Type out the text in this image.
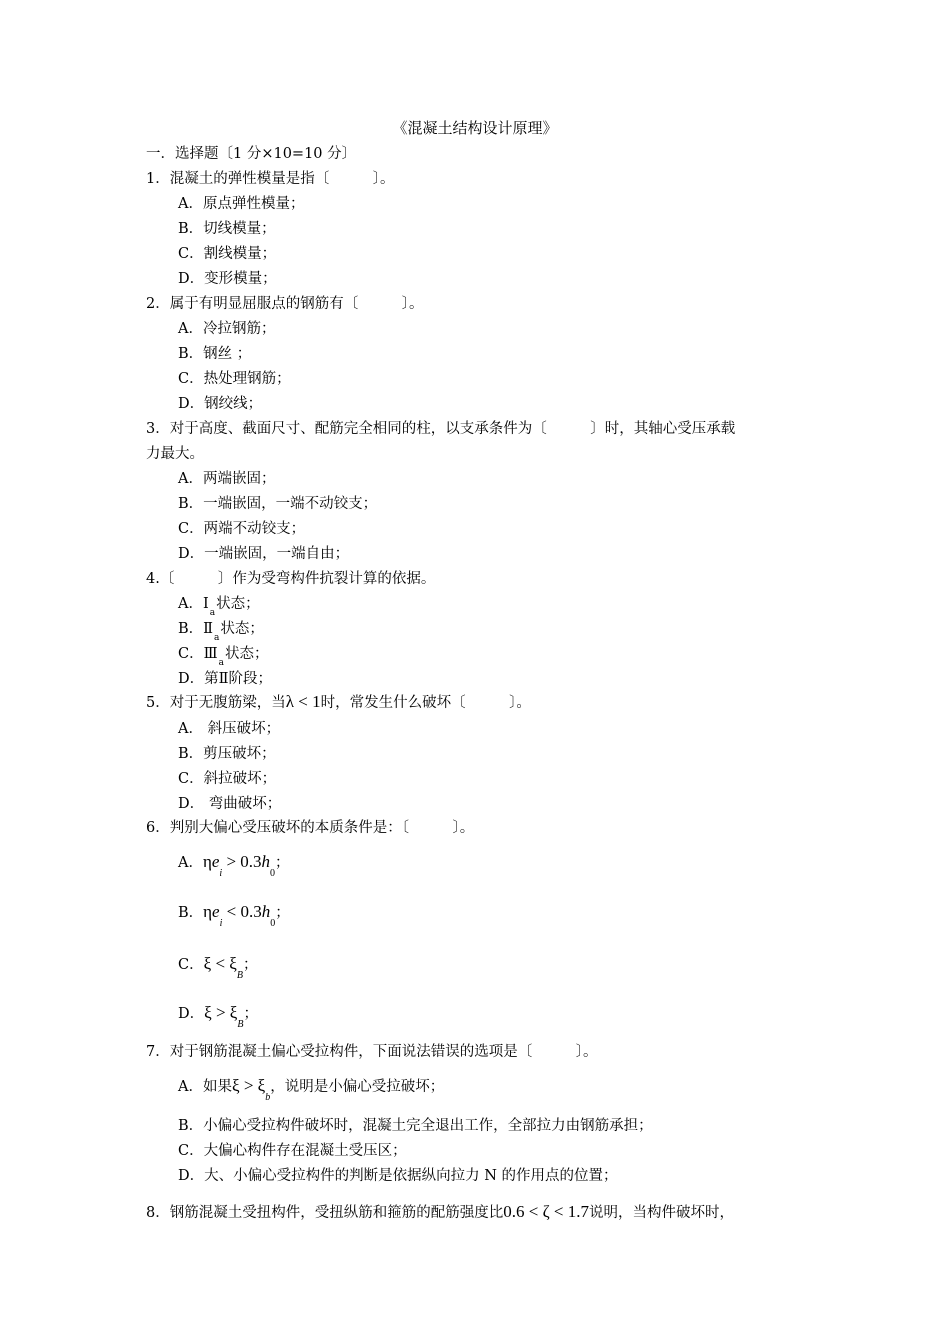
《混凝土结构设计原理》
一．选择题〔1 分×10=10 分〕
1．混凝土的弹性模量是指〔　　　〕。
A．原点弹性模量；
B．切线模量；
C．割线模量；
D．变形模量；
2．属于有明显屈服点的钢筋有〔　　　〕。
A．冷拉钢筋；
B．钢丝 ；
C．热处理钢筋；
D．钢绞线；
3．对于高度、截面尺寸、配筋完全相同的柱，以支承条件为〔　　　〕时，其轴心受压承载
力最大。
A．两端嵌固；
B．一端嵌固，一端不动铰支；
C．两端不动铰支；
D．一端嵌固，一端自由；
4.〔　　　〕作为受弯构件抗裂计算的依据。
A．$Ⅰ_a$状态；
B．$Ⅱ_a$状态；
C．$Ⅲ_a$状态；
D．第Ⅱ阶段；
5．对于无腹筋梁，当λ < 1时，常发生什么破坏〔　　　〕。
A． 斜压破坏；
B．剪压破坏；
C．斜拉破坏；
D． 弯曲破坏；
6．判别大偏心受压破坏的本质条件是：〔　　　〕。
A．$\eta e_i > 0.3h_0$；
B．$\eta e_i < 0.3h_0$；
C．$\xi < \xi_B$；
D．$\xi > \xi_B$；
7．对于钢筋混凝土偏心受拉构件，下面说法错误的选项是〔　　　〕。
A．如果$\xi > \xi_b$，说明是小偏心受拉破坏；
B．小偏心受拉构件破坏时，混凝土完全退出工作，全部拉力由钢筋承担；
C．大偏心构件存在混凝土受压区；
D．大、小偏心受拉构件的判断是依据纵向拉力 N 的作用点的位置；
8．钢筋混凝土受扭构件，受扭纵筋和箍筋的配筋强度比0.6 < ζ < 1.7说明，当构件破坏时，
